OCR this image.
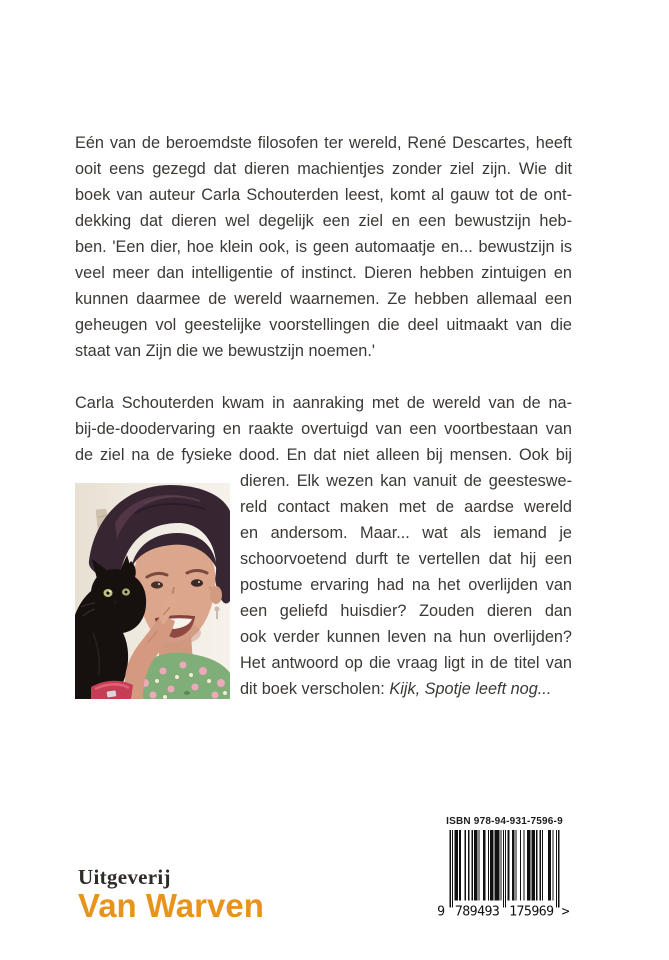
Eén van de beroemdste filosofen ter wereld, René Descartes, heeft
ooit eens gezegd dat dieren machientjes zonder ziel zijn. Wie dit
boek van auteur Carla Schouterden leest, komt al gauw tot de ont-
dekking dat dieren wel degelijk een ziel en een bewustzijn heb-
ben. 'Een dier, hoe klein ook, is geen automaatje en... bewustzijn is
veel meer dan intelligentie of instinct. Dieren hebben zintuigen en
kunnen daarmee de wereld waarnemen. Ze hebben allemaal een
geheugen vol geestelijke voorstellingen die deel uitmaakt van die
staat van Zijn die we bewustzijn noemen.'
Carla Schouterden kwam in aanraking met de wereld van de na-
bij-de-doodervaring en raakte overtuigd van een voortbestaan van
de ziel na de fysieke dood. En dat niet alleen bij mensen. Ook bij
dieren. Elk wezen kan vanuit de geesteswe-
reld contact maken met de aardse wereld
en andersom. Maar... wat als iemand je
schoorvoetend durft te vertellen dat hij een
postume ervaring had na het overlijden van
een geliefd huisdier? Zouden dieren dan
ook verder kunnen leven na hun overlijden?
Het antwoord op die vraag ligt in de titel van
dit boek verscholen: Kijk, Spotje leeft nog...
Uitgeverij
Van Warven
ISBN 978-94-931-7596-9
9 789493 175969 >
